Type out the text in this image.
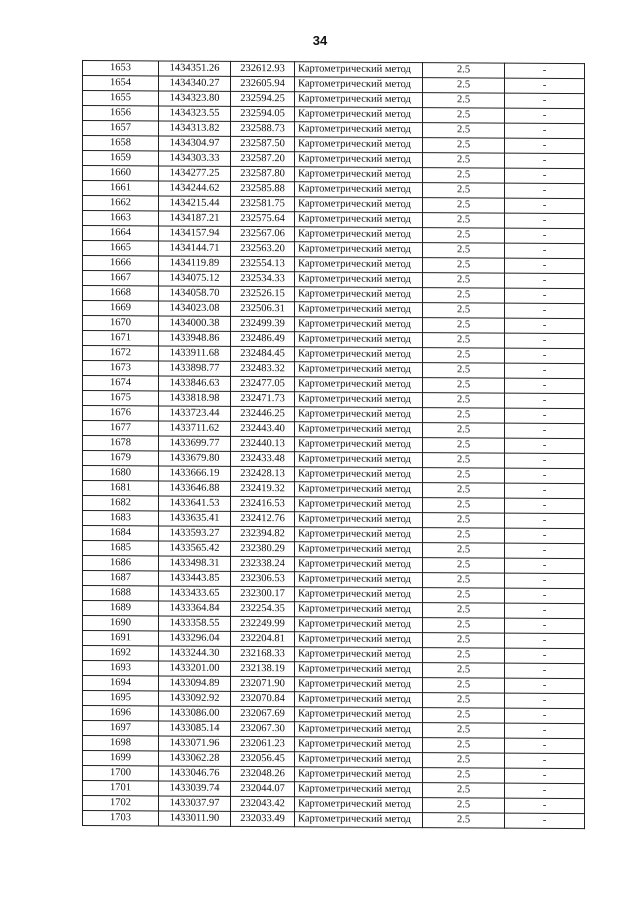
34
1653	1434351.26	232612.93	Картометрический метод	2.5	-
1654	1434340.27	232605.94	Картометрический метод	2.5	-
1655	1434323.80	232594.25	Картометрический метод	2.5	-
1656	1434323.55	232594.05	Картометрический метод	2.5	-
1657	1434313.82	232588.73	Картометрический метод	2.5	-
1658	1434304.97	232587.50	Картометрический метод	2.5	-
1659	1434303.33	232587.20	Картометрический метод	2.5	-
1660	1434277.25	232587.80	Картометрический метод	2.5	-
1661	1434244.62	232585.88	Картометрический метод	2.5	-
1662	1434215.44	232581.75	Картометрический метод	2.5	-
1663	1434187.21	232575.64	Картометрический метод	2.5	-
1664	1434157.94	232567.06	Картометрический метод	2.5	-
1665	1434144.71	232563.20	Картометрический метод	2.5	-
1666	1434119.89	232554.13	Картометрический метод	2.5	-
1667	1434075.12	232534.33	Картометрический метод	2.5	-
1668	1434058.70	232526.15	Картометрический метод	2.5	-
1669	1434023.08	232506.31	Картометрический метод	2.5	-
1670	1434000.38	232499.39	Картометрический метод	2.5	-
1671	1433948.86	232486.49	Картометрический метод	2.5	-
1672	1433911.68	232484.45	Картометрический метод	2.5	-
1673	1433898.77	232483.32	Картометрический метод	2.5	-
1674	1433846.63	232477.05	Картометрический метод	2.5	-
1675	1433818.98	232471.73	Картометрический метод	2.5	-
1676	1433723.44	232446.25	Картометрический метод	2.5	-
1677	1433711.62	232443.40	Картометрический метод	2.5	-
1678	1433699.77	232440.13	Картометрический метод	2.5	-
1679	1433679.80	232433.48	Картометрический метод	2.5	-
1680	1433666.19	232428.13	Картометрический метод	2.5	-
1681	1433646.88	232419.32	Картометрический метод	2.5	-
1682	1433641.53	232416.53	Картометрический метод	2.5	-
1683	1433635.41	232412.76	Картометрический метод	2.5	-
1684	1433593.27	232394.82	Картометрический метод	2.5	-
1685	1433565.42	232380.29	Картометрический метод	2.5	-
1686	1433498.31	232338.24	Картометрический метод	2.5	-
1687	1433443.85	232306.53	Картометрический метод	2.5	-
1688	1433433.65	232300.17	Картометрический метод	2.5	-
1689	1433364.84	232254.35	Картометрический метод	2.5	-
1690	1433358.55	232249.99	Картометрический метод	2.5	-
1691	1433296.04	232204.81	Картометрический метод	2.5	-
1692	1433244.30	232168.33	Картометрический метод	2.5	-
1693	1433201.00	232138.19	Картометрический метод	2.5	-
1694	1433094.89	232071.90	Картометрический метод	2.5	-
1695	1433092.92	232070.84	Картометрический метод	2.5	-
1696	1433086.00	232067.69	Картометрический метод	2.5	-
1697	1433085.14	232067.30	Картометрический метод	2.5	-
1698	1433071.96	232061.23	Картометрический метод	2.5	-
1699	1433062.28	232056.45	Картометрический метод	2.5	-
1700	1433046.76	232048.26	Картометрический метод	2.5	-
1701	1433039.74	232044.07	Картометрический метод	2.5	-
1702	1433037.97	232043.42	Картометрический метод	2.5	-
1703	1433011.90	232033.49	Картометрический метод	2.5	-
